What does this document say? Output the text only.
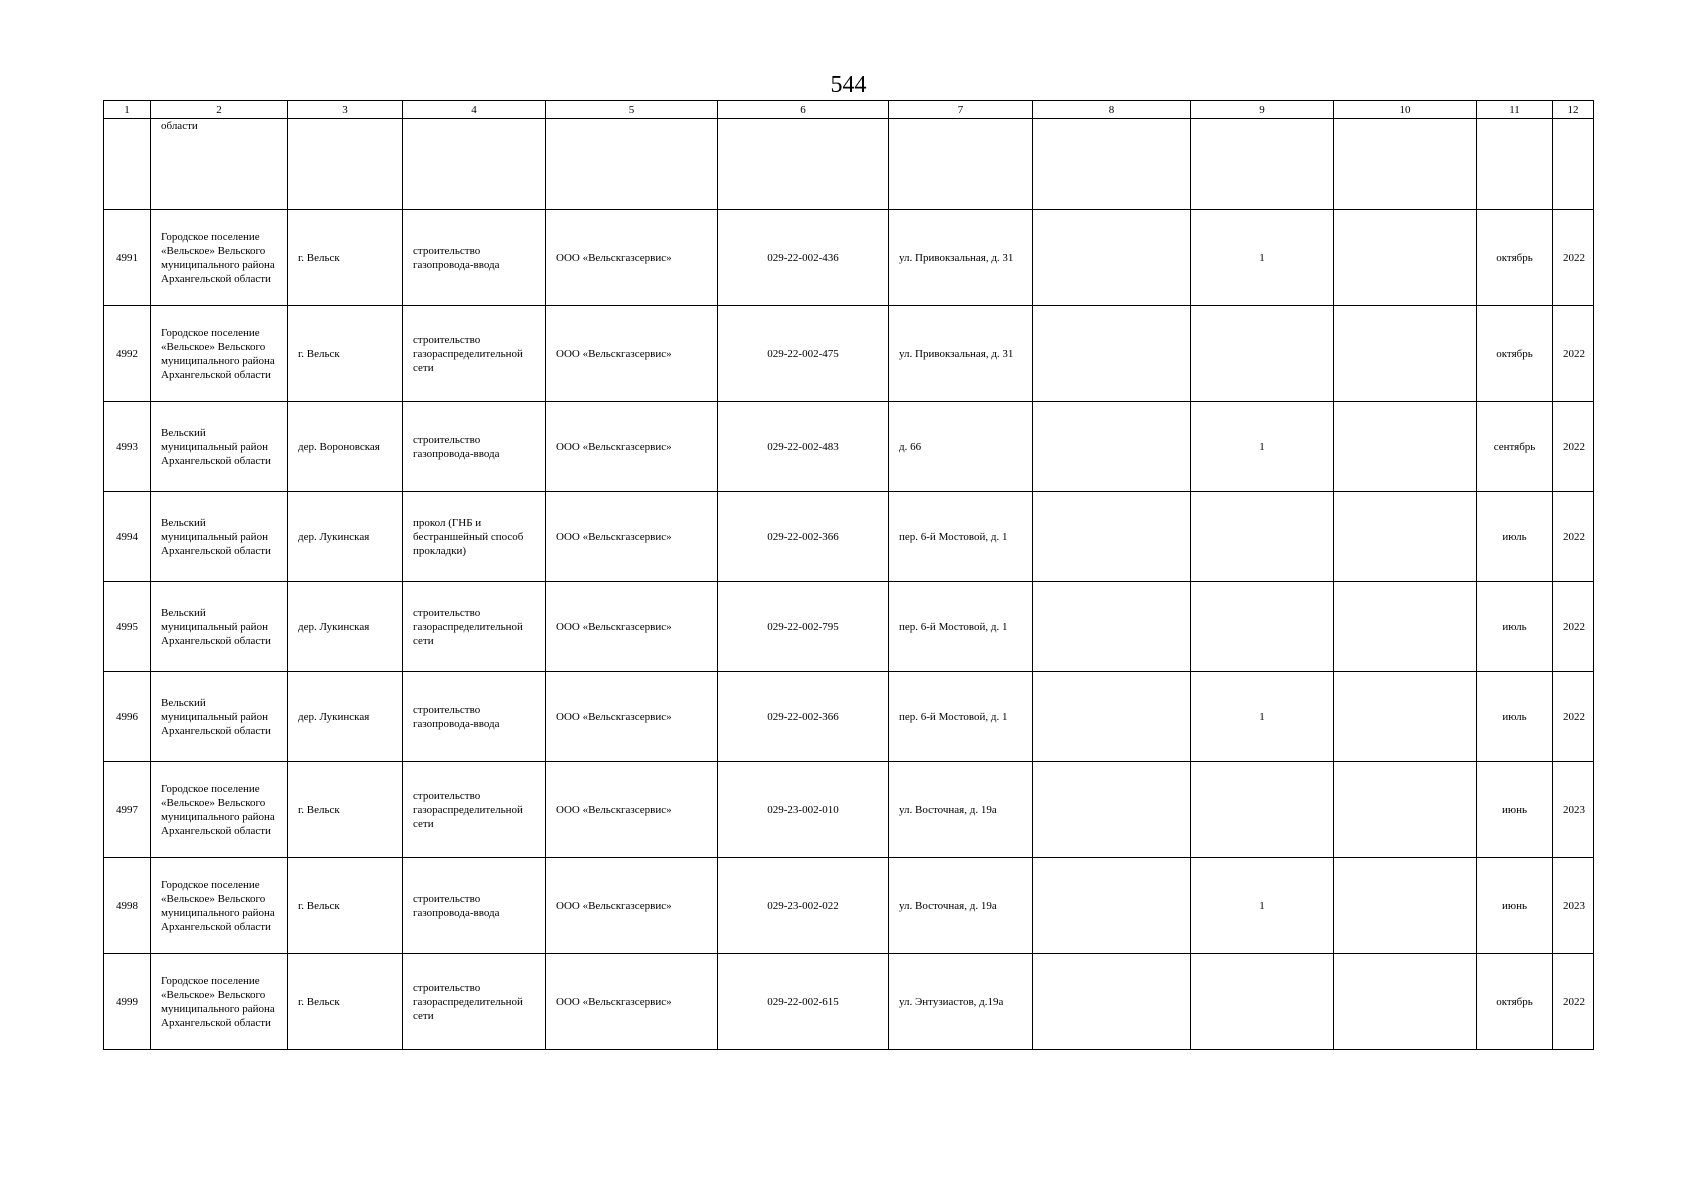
544
1	2	3	4	5	6	7	8	9	10	11	12
	области										
4991	Городское поселение «Вельское» Вельского муниципального района Архангельской области	г. Вельск	строительство газопровода-ввода	ООО «Вельскгазсервис»	029-22-002-436	ул. Привокзальная, д. 31		1		октябрь	2022
4992	Городское поселение «Вельское» Вельского муниципального района Архангельской области	г. Вельск	строительство газораспределительной сети	ООО «Вельскгазсервис»	029-22-002-475	ул. Привокзальная, д. 31				октябрь	2022
4993	Вельский муниципальный район Архангельской области	дер. Вороновская	строительство газопровода-ввода	ООО «Вельскгазсервис»	029-22-002-483	д. 66		1		сентябрь	2022
4994	Вельский муниципальный район Архангельской области	дер. Лукинская	прокол (ГНБ и бестраншейный способ прокладки)	ООО «Вельскгазсервис»	029-22-002-366	пер. 6-й Мостовой, д. 1				июль	2022
4995	Вельский муниципальный район Архангельской области	дер. Лукинская	строительство газораспределительной сети	ООО «Вельскгазсервис»	029-22-002-795	пер. 6-й Мостовой, д. 1				июль	2022
4996	Вельский муниципальный район Архангельской области	дер. Лукинская	строительство газопровода-ввода	ООО «Вельскгазсервис»	029-22-002-366	пер. 6-й Мостовой, д. 1		1		июль	2022
4997	Городское поселение «Вельское» Вельского муниципального района Архангельской области	г. Вельск	строительство газораспределительной сети	ООО «Вельскгазсервис»	029-23-002-010	ул. Восточная, д. 19а				июнь	2023
4998	Городское поселение «Вельское» Вельского муниципального района Архангельской области	г. Вельск	строительство газопровода-ввода	ООО «Вельскгазсервис»	029-23-002-022	ул. Восточная, д. 19а		1		июнь	2023
4999	Городское поселение «Вельское» Вельского муниципального района Архангельской области	г. Вельск	строительство газораспределительной сети	ООО «Вельскгазсервис»	029-22-002-615	ул. Энтузиастов, д.19а				октябрь	2022
